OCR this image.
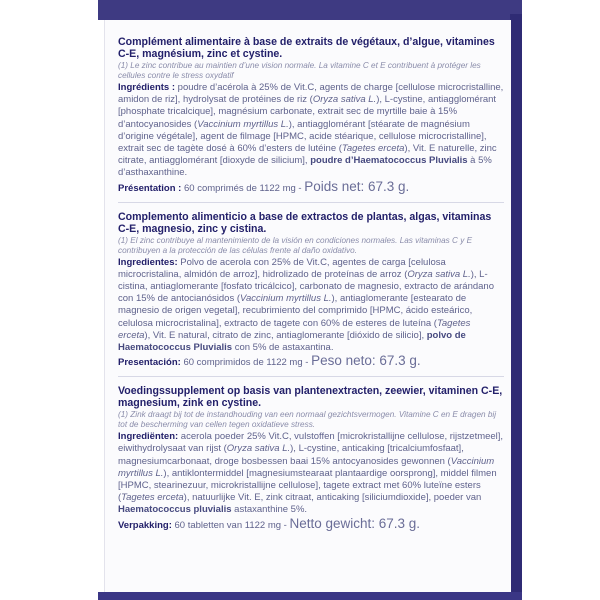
Complément alimentaire à base de extraits de végétaux, d’algue, vitamines C-E, magnésium, zinc et cystine.

(1) Le zinc contribue au maintien d’une vision normale. La vitamine C et E contribuent à protéger les cellules contre le stress oxydatif

Ingrédients : poudre d’acérola à 25% de Vit.C, agents de charge [cellulose microcristalline, amidon de riz], hydrolysat de protéines de riz (Oryza sativa L.), L-cystine, antiagglomérant [phosphate tricalcique], magnésium carbonate, extrait sec de myrtille baie à 15% d’antocyanosides (Vaccinium myrtillus L.), antiagglomérant [stéarate de magnésium d’origine végétale], agent de filmage [HPMC, acide stéarique, cellulose microcristalline], extrait sec de tagète dosé à 60% d’esters de lutéine (Tagetes erceta), Vit. E naturelle, zinc citrate, antiagglomérant [dioxyde de silicium], poudre d’Haematococcus Pluvialis à 5% d’asthaxanthine.

Présentation : 60 comprimés de 1122 mg - Poids net: 67.3 g.

Complemento alimenticio a base de extractos de plantas, algas, vitaminas C-E, magnesio, zinc y cistina.

(1) El zinc contribuye al mantenimiento de la visión en condiciones normales. Las vitaminas C y E contribuyen a la protección de las células frente al daño oxidativo.

Ingredientes: Polvo de acerola con 25% de Vit.C, agentes de carga [celulosa microcristalina, almidón de arroz], hidrolizado de proteínas de arroz (Oryza sativa L.), L-cistina, antiaglomerante [fosfato tricálcico], carbonato de magnesio, extracto de arándano con 15% de antocianósidos (Vaccinium myrtillus L.), antiaglomerante [estearato de magnesio de origen vegetal], recubrimiento del comprimido [HPMC, ácido esteárico, celulosa microcristalina], extracto de tagete con 60% de esteres de luteína (Tagetes erceta), Vit. E natural, citrato de zinc, antiaglomerante [dióxido de silicio], polvo de Haematococcus Pluvialis con 5% de astaxantina.

Presentación: 60 comprimidos de 1122 mg - Peso neto: 67.3 g.

Voedingssupplement op basis van plantenextracten, zeewier, vitaminen C-E, magnesium, zink en cystine.

(1) Zink draagt bij tot de instandhouding van een normaal gezichtsvermogen. Vitamine C en E dragen bij tot de bescherming van cellen tegen oxidatieve stress.

Ingrediënten: acerola poeder 25% Vit.C, vulstoffen [microkristallijne cellulose, rijstzetmeel], eiwithydrolysaat van rijst (Oryza sativa L.), L-cystine, anticaking [tricalciumfosfaat], magnesiumcarbonaat, droge bosbessen baai 15% antocyanosides gewonnen (Vaccinium myrtillus L.), antiklontermiddel [magnesiumstearaat plantaardige oorsprong], middel filmen [HPMC, stearinezuur, microkristallijne cellulose], tagete extract met 60% luteïne esters (Tagetes erceta), natuurlijke Vit. E, zink citraat, anticaking [siliciumdioxide], poeder van Haematococcus pluvialis astaxanthine 5%.

Verpakking: 60 tabletten van 1122 mg - Netto gewicht: 67.3 g.
